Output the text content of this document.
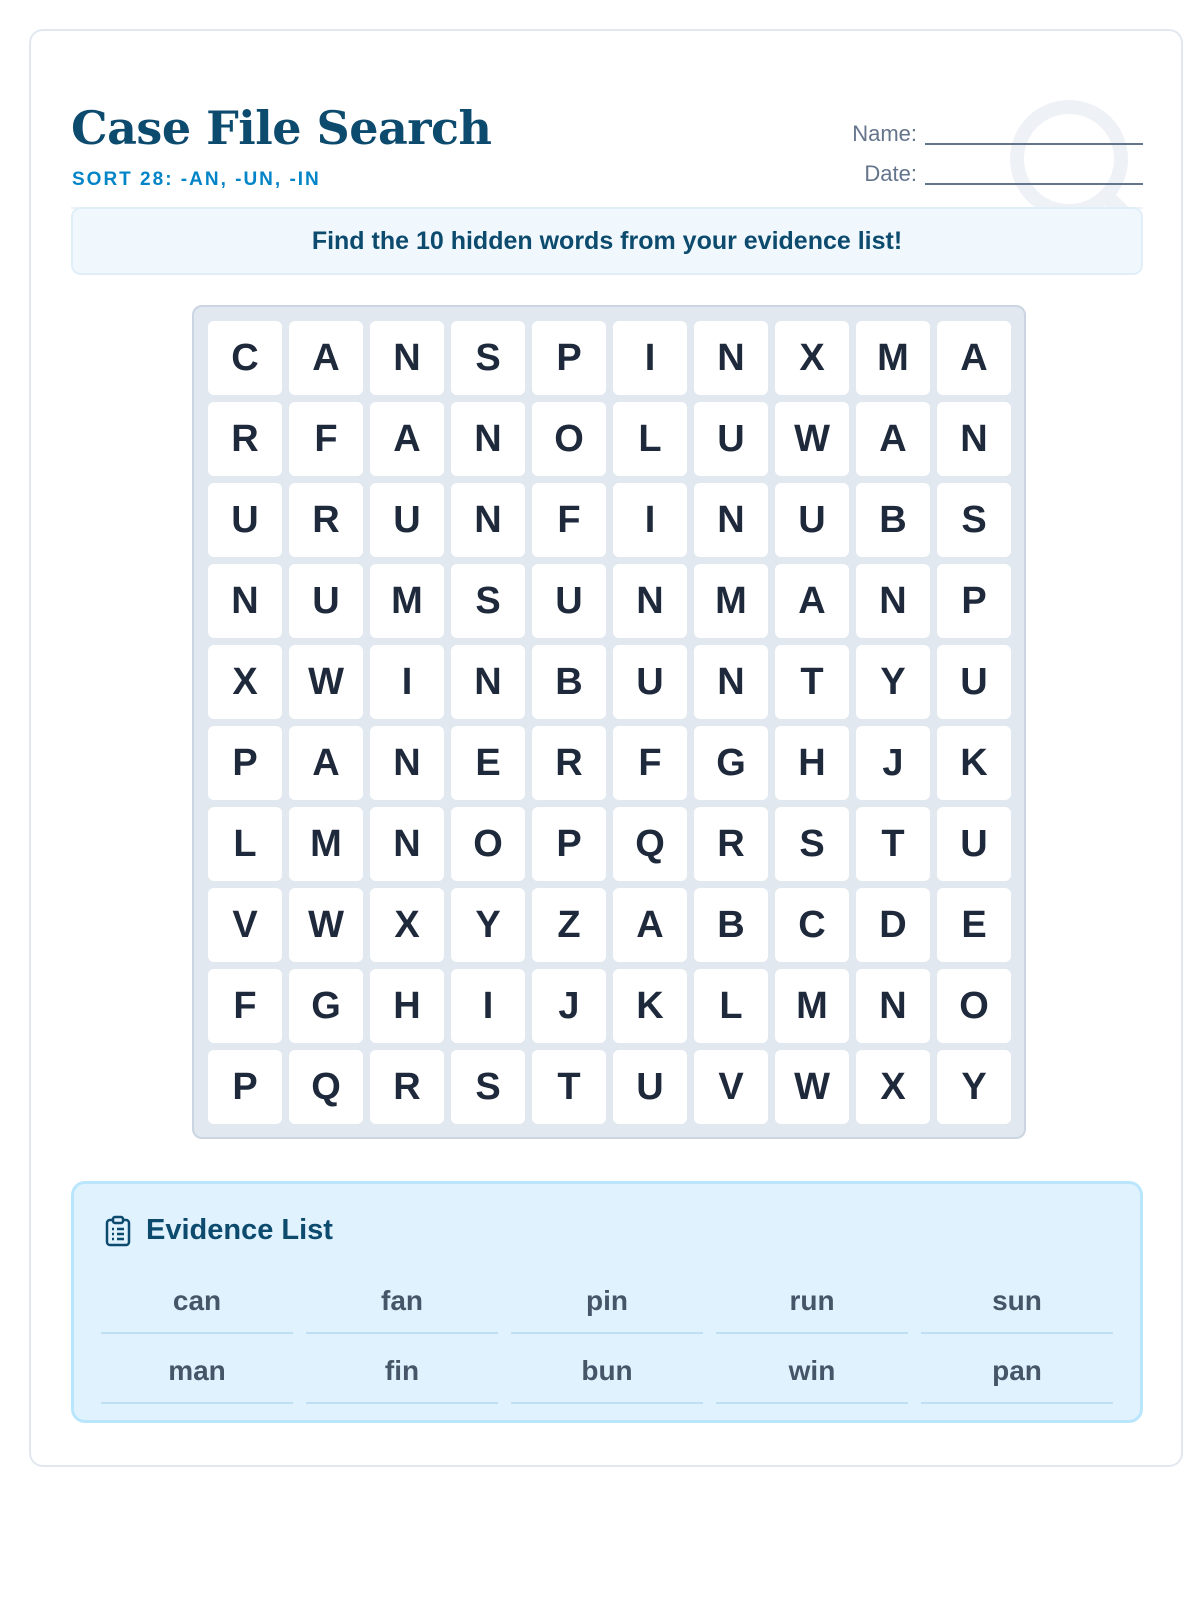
Case File Search
SORT 28: -AN, -UN, -IN
Name:
Date:
Find the 10 hidden words from your evidence list!
C	A	N	S	P	I	N	X	M	A
R	F	A	N	O	L	U	W	A	N
U	R	U	N	F	I	N	U	B	S
N	U	M	S	U	N	M	A	N	P
X	W	I	N	B	U	N	T	Y	U
P	A	N	E	R	F	G	H	J	K
L	M	N	O	P	Q	R	S	T	U
V	W	X	Y	Z	A	B	C	D	E
F	G	H	I	J	K	L	M	N	O
P	Q	R	S	T	U	V	W	X	Y
Evidence List
can	fan	pin	run	sun
man	fin	bun	win	pan
